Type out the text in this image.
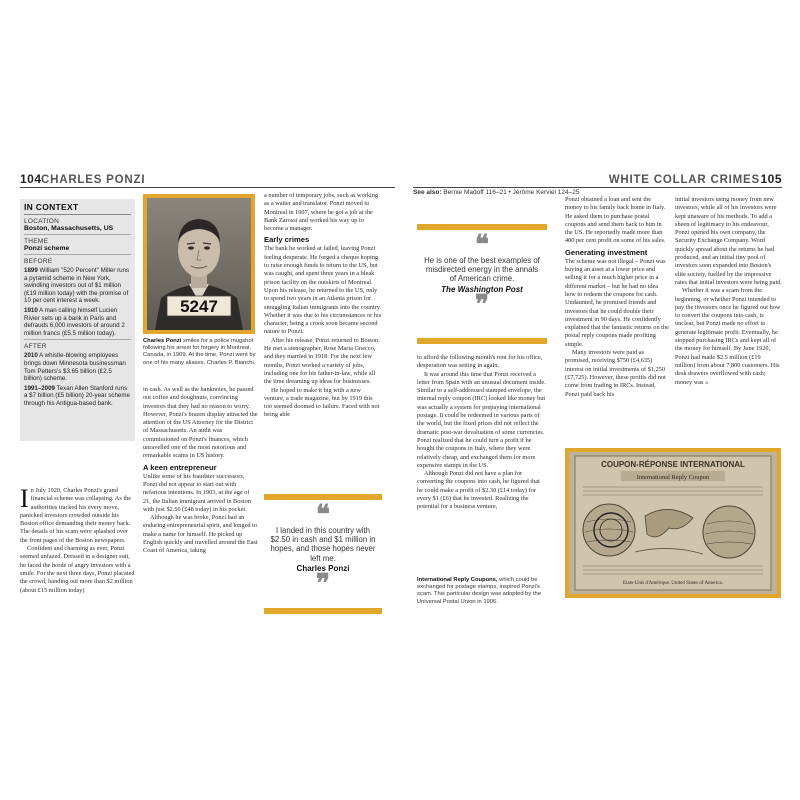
104 CHARLES PONZI
IN CONTEXT
LOCATION
Boston, Massachusetts, US
THEME
Ponzi scheme
BEFORE
1899 William "520 Percent" Miller runs a pyramid scheme in New York, swindling investors out of $1 million (£19 million today) with the promise of 10 per cent interest a week.
1910 A man calling himself Lucien Rivier sets up a bank in Paris and defrauds 6,000 investors of around 2 million francs (£5.5 million today).
AFTER
2010 A whistle-blowing employees brings down Minnesota businessman Tom Petters's $3.65 billion (£2.5 billion) scheme.
1991–2009 Texan Allen Stanford runs a $7 billion (£5 billion) 20-year scheme through his Antigua-based bank.
5247
Charles Ponzi smiles for a police mugshot following his arrest for forgery in Montreal, Canada, in 1909. At the time, Ponzi went by one of his many aliases, Charles P. Bianchi.

In July 1920, Charles Ponzi's grand financial scheme was collapsing. As the authorities tracked his every move, panicked investors crowded outside his Boston office demanding their money back. The details of his scam were splashed over the front pages of the Boston newspapers.

Confident and charming as ever, Ponzi seemed unfazed. Dressed in a designer suit, he faced the horde of angry investors with a smile. For the next three days, Ponzi placated the crowd, handing out more than $2 million (about £15 million today)

in cash. As well as the banknotes, he passed out coffee and doughnuts, convincing investors that they had no reason to worry. However, Ponzi's brazen display attracted the attention of the US Attorney for the District of Massachusetts. An audit was commissioned on Ponzi's finances, which unravelled one of the most notorious and remarkable scams in US history.

A keen entrepreneur

Unlike some of his fraudster successors, Ponzi did not appear to start out with nefarious intentions. In 1903, at the age of 21, the Italian immigrant arrived in Boston with just $2.50 (£48 today) in his pocket.

Although he was broke, Ponzi had an enduring entrepreneurial spirit, and longed to make a name for himself. He picked up English quickly and travelled around the East Coast of America, taking

a number of temporary jobs, such as working as a waiter and translator. Ponzi moved to Montreal in 1907, where he got a job at the Bank Zarossi and worked his way up to become a manager.

Early crimes

The bank he worked at failed, leaving Ponzi feeling desperate. He forged a cheque hoping to raise enough funds to return to the US, but was caught, and spent three years in a bleak prison facility on the outskirts of Montreal. Upon his release, he returned to the US, only to spend two years in an Atlanta prison for smuggling Italian immigrants into the country. Whether it was due to his circumstances or his character, being a crook soon became second nature to Ponzi.

After his release, Ponzi returned to Boston. He met a stenographer, Rose Maria Gnecco, and they married in 1918. For the next few months, Ponzi worked a variety of jobs, including one for his father-in-law, while all the time dreaming up ideas for businesses.

He hoped to make it big with a new venture, a trade magazine, but by 1919 this too seemed doomed to failure. Faced with not being able

❝
I landed in this country with $2.50 in cash and $1 million in hopes, and those hopes never left me.
Charles Ponzi
❞
WHITE COLLAR CRIMES 105
See also: Bernie Madoff 116–21 • Jérôme Kerviel 124–25
❝
He is one of the best examples of misdirected energy in the annals of American crime.
The Washington Post
❞

to afford the following month's rent for his office, desperation was setting in again.

It was around this time that Ponzi received a letter from Spain with an unusual document inside. Similar to a self-addressed stamped envelope, the internal reply coupon (IRC) looked like money but was actually a system for prepaying international postage. It could be redeemed in various parts of the world, but the fixed prices did not reflect the dramatic post-war devaluation of some currencies. Ponzi realized that he could turn a profit if he bought the coupons in Italy, where they were relatively cheap, and exchanged them for more expensive stamps in the US.

Although Ponzi did not have a plan for converting the coupons into cash, he figured that he could make a profit of $2.30 (£14 today) for every $1 (£6) that he invested. Realizing the potential for a business venture,

International Reply Coupons, which could be exchanged for postage stamps, inspired Ponzi's scam. This particular design was adopted by the Universal Postal Union in 1906.

Ponzi obtained a loan and sent the money to his family back home in Italy. He asked them to purchase postal coupons and send them back to him in the US. He reportedly made more than 400 per cent profit on some of his sales.

Generating investment

The scheme was not illegal – Ponzi was buying an asset at a lower price and selling it for a much higher price in a different market – but he had no idea how to redeem the coupons for cash. Undaunted, he promised friends and investors that he could double their investment in 90 days. He confidently explained that the fantastic returns on the postal reply coupons made profiting simple.

Many investors were paid as promised, receiving $750 (£4,635) interest on initial investments of $1,250 (£7,725). However, these profits did not come from trading in IRCs. Instead, Ponzi paid back his

initial investors using money from new investors, while all of his investors were kept unaware of his methods. To add a sheen of legitimacy to his endeavour, Ponzi opened his own company, the Security Exchange Company. Word quickly spread about the returns he had produced, and an initial tiny pool of investors soon expanded into Boston's elite society, fuelled by the impressive rates that initial investors were being paid.

Whether it was a scam from the beginning, or whether Ponzi intended to pay the investors once he figured out how to convert the coupons into cash, is unclear, but Ponzi made no effort to generate legitimate profit. Eventually, he stopped purchasing IRCs and kept all of the money for himself. By June 1920, Ponzi had made $2.5 million (£19 million) from about 7,800 customers. His desk drawers overflowed with cash; money was »

COUPON-RÉPONSE INTERNATIONAL
International Reply Coupon
Etats-Unis d'Amérique. United States of America.
